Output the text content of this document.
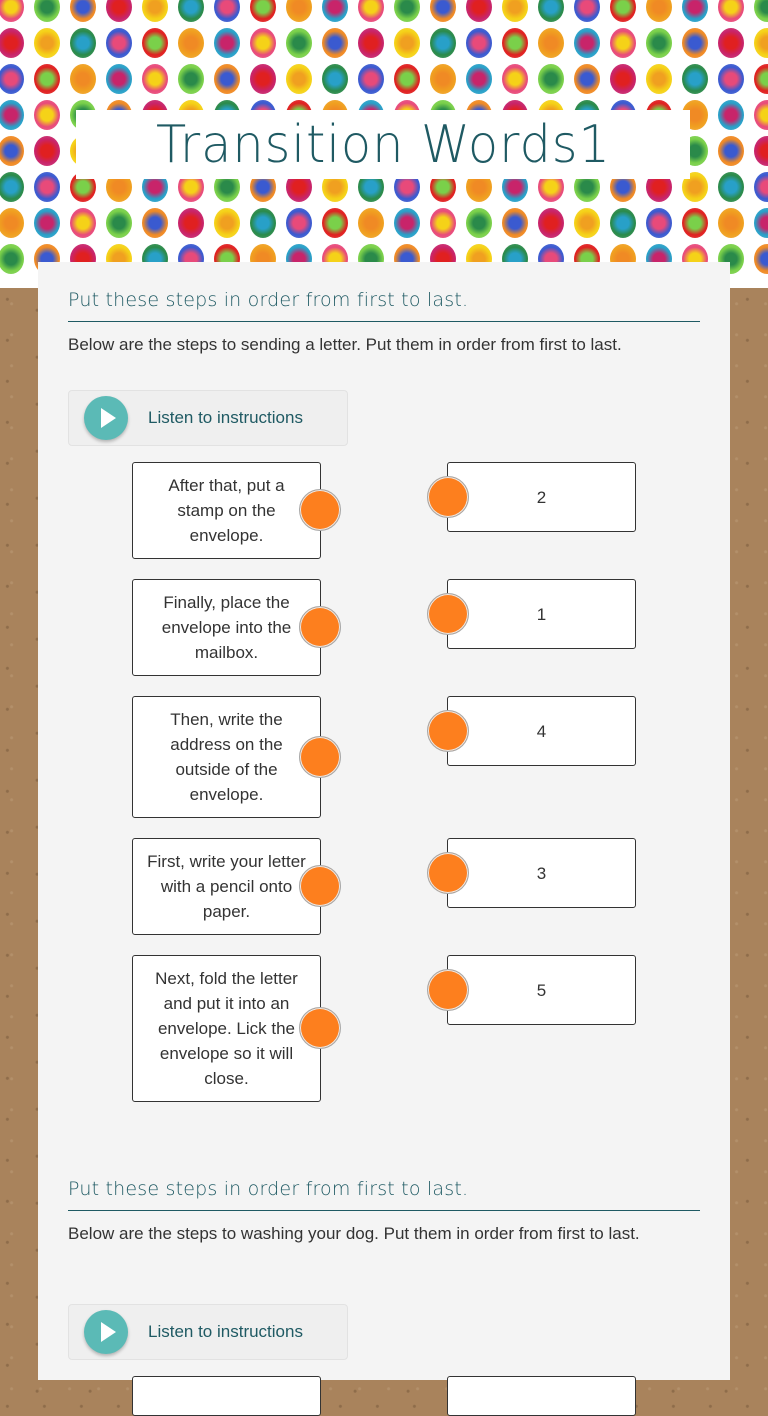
Transition Words1
Put these steps in order from first to last.
Below are the steps to sending a letter. Put them in order from first to last.
Listen to instructions
After that, put a stamp on the envelope.
Finally, place the envelope into the mailbox.
Then, write the address on the outside of the envelope.
First, write your letter with a pencil onto paper.
Next, fold the letter and put it into an envelope. Lick the envelope so it will close.
2
1
4
3
5
Put these steps in order from first to last.
Below are the steps to washing your dog. Put them in order from first to last.
Listen to instructions
